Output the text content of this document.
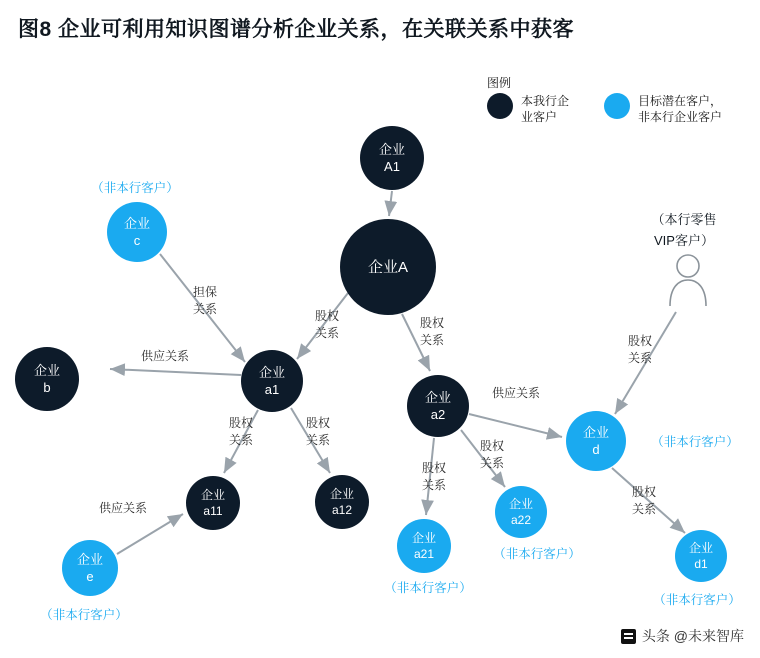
图8 企业可利用知识图谱分析企业关系，在关联关系中获客
图例
本我行企
业客户
目标潜在客户，
非本行企业客户
企业
A1
企业A
企业
c
企业
b
企业
a1
企业
a11
企业
a12
企业
e
企业
a2
企业
a21
企业
a22
企业
d
企业
d1
股权
关系
股权
关系
担保
关系
供应关系
股权
关系
股权
关系
供应关系
股权
关系
股权
关系
供应关系
股权
关系
股权
关系
（非本行客户）
（本行零售
VIP客户）
（非本行客户）
（非本行客户）
（非本行客户）
（非本行客户）
（非本行客户）
头条 @未来智库
